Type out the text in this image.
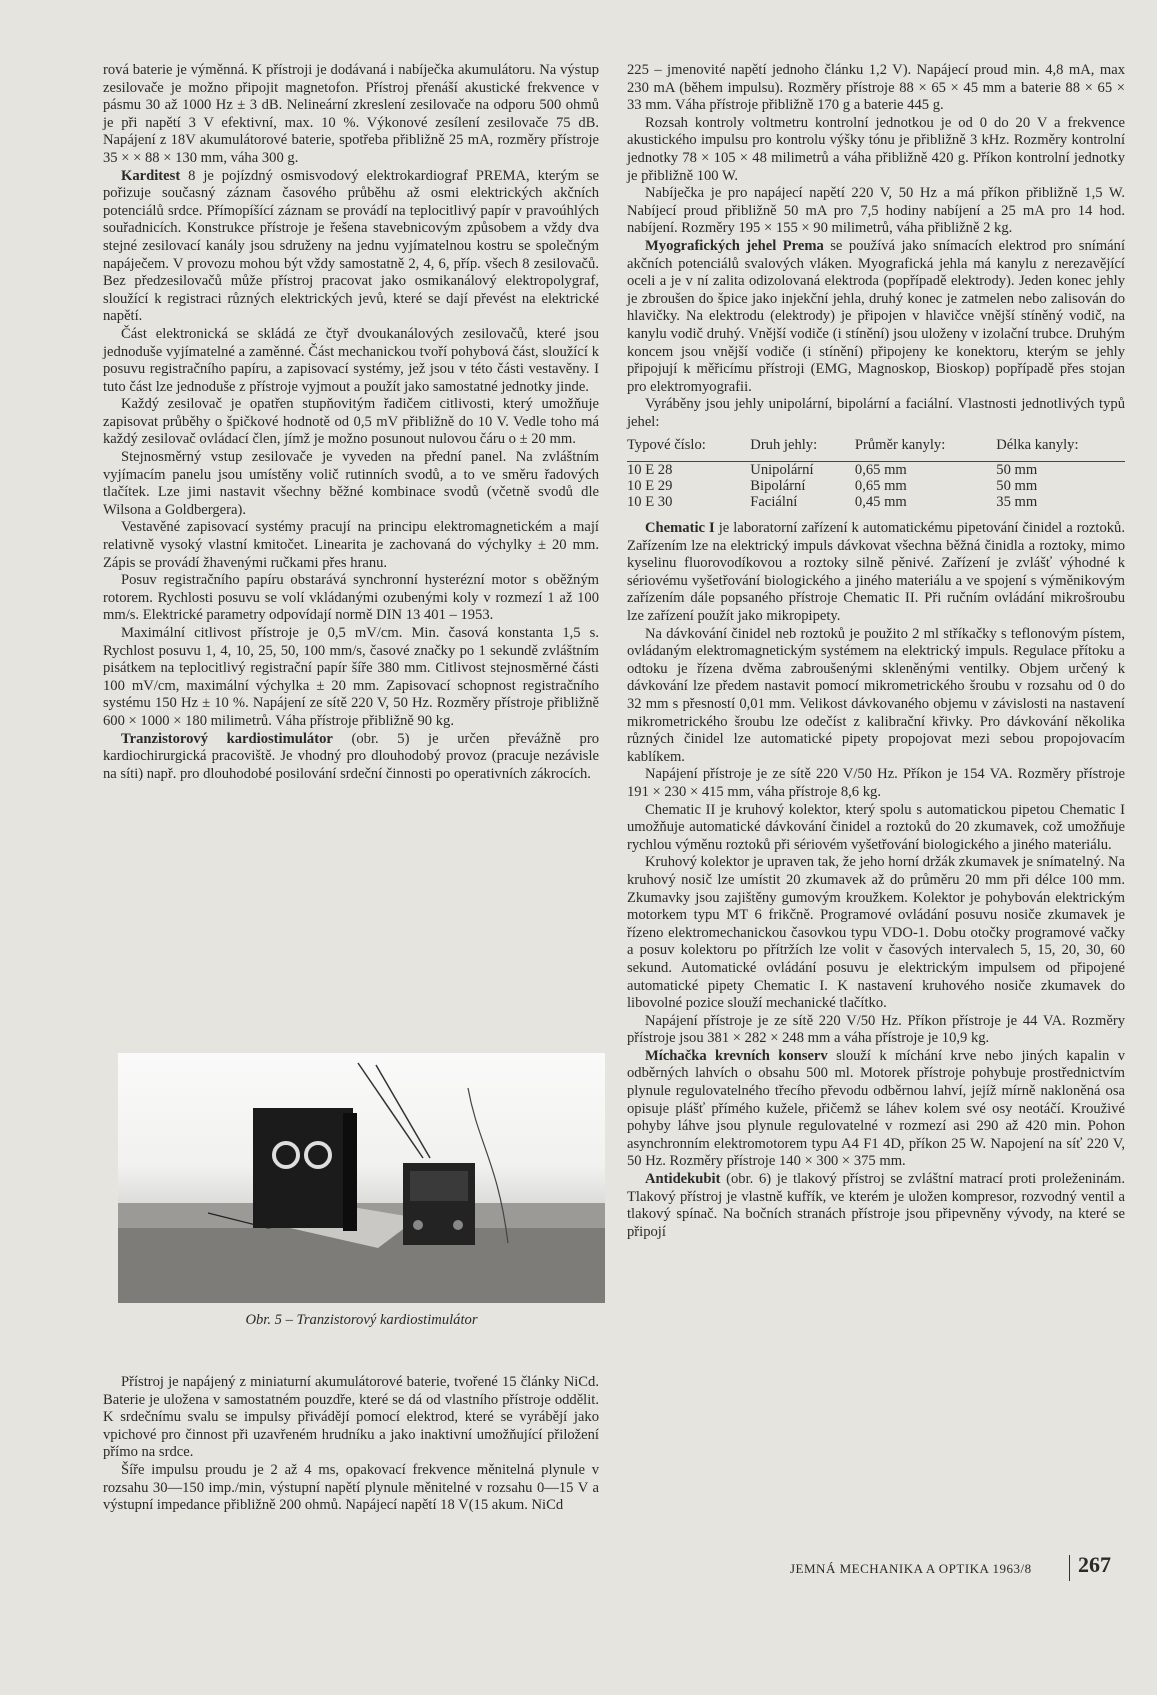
rová baterie je výměnná. K přístroji je dodávaná i nabíječka akumulátoru. Na výstup zesilovače je možno připojit magnetofon. Přístroj přenáší akustické frekvence v pásmu 30 až 1000 Hz ± 3 dB. Nelineární zkreslení zesilovače na odporu 500 ohmů je při napětí 3 V efektivní, max. 10 %. Výkonové zesílení zesilovače 75 dB. Napájení z 18V akumulátorové baterie, spotřeba přibližně 25 mA, rozměry přístroje 35 × × 88 × 130 mm, váha 300 g.

Karditest 8 je pojízdný osmisvodový elektrokardiograf PREMA, kterým se pořizuje současný záznam časového průběhu až osmi elektrických akčních potenciálů srdce. Přímopíšící záznam se provádí na teplocitlivý papír v pravoúhlých souřadnicích. Konstrukce přístroje je řešena stavebnicovým způsobem a vždy dva stejné zesilovací kanály jsou sdruženy na jednu vyjímatelnou kostru se společným napáječem. V provozu mohou být vždy samostatně 2, 4, 6, příp. všech 8 zesilovačů. Bez předzesilovačů může přístroj pracovat jako osmikanálový elektropolygraf, sloužící k registraci různých elektrických jevů, které se dají převést na elektrické napětí.

Část elektronická se skládá ze čtyř dvoukanálových zesilovačů, které jsou jednoduše vyjímatelné a zaměnné. Část mechanickou tvoří pohybová část, sloužící k posuvu registračního papíru, a zapisovací systémy, jež jsou v této části vestavěny. I tuto část lze jednoduše z přístroje vyjmout a použít jako samostatné jednotky jinde.

Každý zesilovač je opatřen stupňovitým řadičem citlivosti, který umožňuje zapisovat průběhy o špičkové hodnotě od 0,5 mV přibližně do 10 V. Vedle toho má každý zesilovač ovládací člen, jímž je možno posunout nulovou čáru o ± 20 mm.

Stejnosměrný vstup zesilovače je vyveden na přední panel. Na zvláštním vyjímacím panelu jsou umístěny volič rutinních svodů, a to ve směru řadových tlačítek. Lze jimi nastavit všechny běžné kombinace svodů (včetně svodů dle Wilsona a Goldbergera).

Vestavěné zapisovací systémy pracují na principu elektromagnetickém a mají relativně vysoký vlastní kmitočet. Linearita je zachovaná do výchylky ± 20 mm. Zápis se provádí žhavenými ručkami přes hranu.

Posuv registračního papíru obstarává synchronní hysterézní motor s oběžným rotorem. Rychlosti posuvu se volí vkládanými ozubenými koly v rozmezí 1 až 100 mm/s. Elektrické parametry odpovídají normě DIN 13 401 – 1953.

Maximální citlivost přístroje je 0,5 mV/cm. Min. časová konstanta 1,5 s. Rychlost posuvu 1, 4, 10, 25, 50, 100 mm/s, časové značky po 1 sekundě zvláštním pisátkem na teplocitlivý registrační papír šíře 380 mm. Citlivost stejnosměrné části 100 mV/cm, maximální výchylka ± 20 mm. Zapisovací schopnost registračního systému 150 Hz ± 10 %. Napájení ze sítě 220 V, 50 Hz. Rozměry přístroje přibližně 600 × 1000 × 180 milimetrů. Váha přístroje přibližně 90 kg.

Tranzistorový kardiostimulátor (obr. 5) je určen převážně pro kardiochirurgická pracoviště. Je vhodný pro dlouhodobý provoz (pracuje nezávisle na síti) např. pro dlouhodobé posilování srdeční činnosti po operativních zákrocích.

Obr. 5 – Tranzistorový kardiostimulátor

Přístroj je napájený z miniaturní akumulátorové baterie, tvořené 15 články NiCd. Baterie je uložena v samostatném pouzdře, které se dá od vlastního přístroje oddělit. K srdečnímu svalu se impulsy přivádějí pomocí elektrod, které se vyrábějí jako vpichové pro činnost při uzavřeném hrudníku a jako inaktivní umožňující přiložení přímo na srdce.

Šíře impulsu proudu je 2 až 4 ms, opakovací frekvence měnitelná plynule v rozsahu 30—150 imp./min, výstupní napětí plynule měnitelné v rozsahu 0—15 V a výstupní impedance přibližně 200 ohmů. Napájecí napětí 18 V(15 akum. NiCd

225 – jmenovité napětí jednoho článku 1,2 V). Napájecí proud min. 4,8 mA, max 230 mA (během impulsu). Rozměry přístroje 88 × 65 × 45 mm a baterie 88 × 65 × 33 mm. Váha přístroje přibližně 170 g a baterie 445 g.

Rozsah kontroly voltmetru kontrolní jednotkou je od 0 do 20 V a frekvence akustického impulsu pro kontrolu výšky tónu je přibližně 3 kHz. Rozměry kontrolní jednotky 78 × 105 × 48 milimetrů a váha přibližně 420 g. Příkon kontrolní jednotky je přibližně 100 W.

Nabíječka je pro napájecí napětí 220 V, 50 Hz a má příkon přibližně 1,5 W. Nabíjecí proud přibližně 50 mA pro 7,5 hodiny nabíjení a 25 mA pro 14 hod. nabíjení. Rozměry 195 × 155 × 90 milimetrů, váha přibližně 2 kg.

Myografických jehel Prema se používá jako snímacích elektrod pro snímání akčních potenciálů svalových vláken. Myografická jehla má kanylu z nerezavějící oceli a je v ní zalita odizolovaná elektroda (popřípadě elektrody). Jeden konec jehly je zbroušen do špice jako injekční jehla, druhý konec je zatmelen nebo zalisován do hlavičky. Na elektrodu (elektrody) je připojen v hlavičce vnější stíněný vodič, na kanylu vodič druhý. Vnější vodiče (i stínění) jsou uloženy v izolační trubce. Druhým koncem jsou vnější vodiče (i stínění) připojeny ke konektoru, kterým se jehly připojují k měřicímu přístroji (EMG, Magnoskop, Bioskop) popřípadě přes stojan pro elektromyografii.

Vyráběny jsou jehly unipolární, bipolární a faciální. Vlastnosti jednotlivých typů jehel:

Typové číslo:	Druh jehly:	Průměr kanyly:	Délka kanyly:
10 E 28	Unipolární	0,65 mm	50 mm
10 E 29	Bipolární	0,65 mm	50 mm
10 E 30	Faciální	0,45 mm	35 mm

Chematic I je laboratorní zařízení k automatickému pipetování činidel a roztoků. Zařízením lze na elektrický impuls dávkovat všechna běžná činidla a roztoky, mimo kyselinu fluorovodíkovou a roztoky silně pěnivé. Zařízení je zvlášť výhodné k sériovému vyšetřování biologického a jiného materiálu a ve spojení s výměnikovým zařízením dále popsaného přístroje Chematic II. Při ručním ovládání mikrošroubu lze zařízení použít jako mikropipety.

Na dávkování činidel neb roztoků je použito 2 ml stříkačky s teflonovým pístem, ovládaným elektromagnetickým systémem na elektrický impuls. Regulace přítoku a odtoku je řízena dvěma zabroušenými skleněnými ventilky. Objem určený k dávkování lze předem nastavit pomocí mikrometrického šroubu v rozsahu od 0 do 32 mm s přesností 0,01 mm. Velikost dávkovaného objemu v závislosti na nastavení mikrometrického šroubu lze odečíst z kalibrační křivky. Pro dávkování několika různých činidel lze automatické pipety propojovat mezi sebou propojovacím kablíkem.

Napájení přístroje je ze sítě 220 V/50 Hz. Příkon je 154 VA. Rozměry přístroje 191 × 230 × 415 mm, váha přístroje 8,6 kg.

Chematic II je kruhový kolektor, který spolu s automatickou pipetou Chematic I umožňuje automatické dávkování činidel a roztoků do 20 zkumavek, což umožňuje rychlou výměnu roztoků při sériovém vyšetřování biologického a jiného materiálu.

Kruhový kolektor je upraven tak, že jeho horní držák zkumavek je snímatelný. Na kruhový nosič lze umístit 20 zkumavek až do průměru 20 mm při délce 100 mm. Zkumavky jsou zajištěny gumovým kroužkem. Kolektor je pohybován elektrickým motorkem typu MT 6 frikčně. Programové ovládání posuvu nosiče zkumavek je řízeno elektromechanickou časovkou typu VDO-1. Dobu otočky programové vačky a posuv kolektoru po přítržích lze volit v časových intervalech 5, 15, 20, 30, 60 sekund. Automatické ovládání posuvu je elektrickým impulsem od připojené automatické pipety Chematic I. K nastavení kruhového nosiče zkumavek do libovolné pozice slouží mechanické tlačítko.

Napájení přístroje je ze sítě 220 V/50 Hz. Příkon přístroje je 44 VA. Rozměry přístroje jsou 381 × 282 × 248 mm a váha přístroje je 10,9 kg.

Míchačka krevních konserv slouží k míchání krve nebo jiných kapalin v odběrných lahvích o obsahu 500 ml. Motorek přístroje pohybuje prostřednictvím plynule regulovatelného třecího převodu odběrnou lahví, jejíž mírně nakloněná osa opisuje plášť přímého kužele, přičemž se láhev kolem své osy neotáčí. Krouživé pohyby láhve jsou plynule regulovatelné v rozmezí asi 290 až 420 min. Pohon asynchronním elektromotorem typu A4 F1 4D, příkon 25 W. Napojení na síť 220 V, 50 Hz. Rozměry přístroje 140 × 300 × 375 mm.

Antidekubit (obr. 6) je tlakový přístroj se zvláštní matrací proti proleženinám. Tlakový přístroj je vlastně kufřík, ve kterém je uložen kompresor, rozvodný ventil a tlakový spínač. Na bočních stranách přístroje jsou připevněny vývody, na které se připojí

JEMNÁ MECHANIKA A OPTIKA 1963/8 267
